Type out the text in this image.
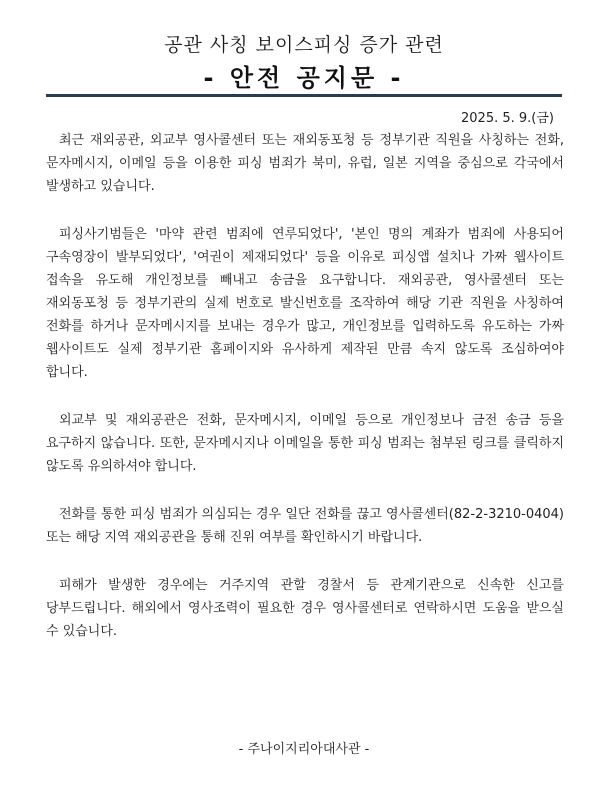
공관 사칭 보이스피싱 증가 관련
- 안전 공지문 -
2025. 5. 9.(금)

최근 재외공관, 외교부 영사콜센터 또는 재외동포청 등 정부기관 직원을 사칭하는 전화, 문자메시지, 이메일 등을 이용한 피싱 범죄가 북미, 유럽, 일본 지역을 중심으로 각국에서 발생하고 있습니다.

피싱사기범들은 '마약 관련 범죄에 연루되었다', '본인 명의 계좌가 범죄에 사용되어 구속영장이 발부되었다', '여권이 제재되었다' 등을 이유로 피싱앱 설치나 가짜 웹사이트 접속을 유도해 개인정보를 빼내고 송금을 요구합니다. 재외공관, 영사콜센터 또는 재외동포청 등 정부기관의 실제 번호로 발신번호를 조작하여 해당 기관 직원을 사칭하여 전화를 하거나 문자메시지를 보내는 경우가 많고, 개인정보를 입력하도록 유도하는 가짜 웹사이트도 실제 정부기관 홈페이지와 유사하게 제작된 만큼 속지 않도록 조심하여야 합니다.

외교부 및 재외공관은 전화, 문자메시지, 이메일 등으로 개인정보나 금전 송금 등을 요구하지 않습니다. 또한, 문자메시지나 이메일을 통한 피싱 범죄는 첨부된 링크를 클릭하지 않도록 유의하셔야 합니다.

전화를 통한 피싱 범죄가 의심되는 경우 일단 전화를 끊고 영사콜센터(82-2-3210-0404) 또는 해당 지역 재외공관을 통해 진위 여부를 확인하시기 바랍니다.

피해가 발생한 경우에는 거주지역 관할 경찰서 등 관계기관으로 신속한 신고를 당부드립니다. 해외에서 영사조력이 필요한 경우 영사콜센터로 연락하시면 도움을 받으실 수 있습니다.

- 주나이지리아대사관 -
